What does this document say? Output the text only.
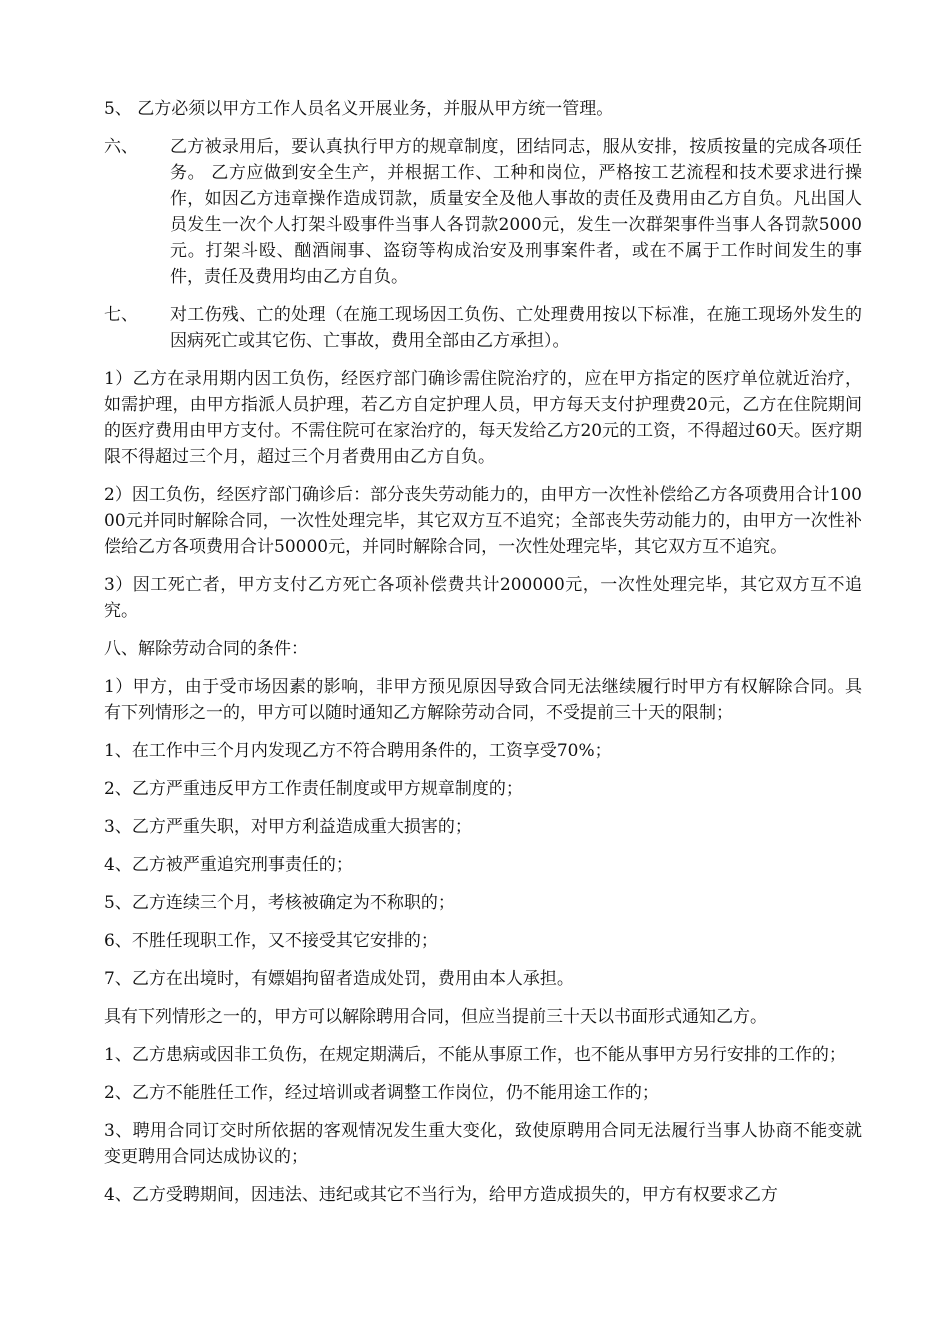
5、 乙方必须以甲方工作人员名义开展业务，并服从甲方统一管理。

六、	乙方被录用后，要认真执行甲方的规章制度，团结同志，服从安排，按质按量的完成各项任务。 乙方应做到安全生产，并根据工作、工种和岗位，严格按工艺流程和技术要求进行操作，如因乙方违章操作造成罚款，质量安全及他人事故的责任及费用由乙方自负。凡出国人员发生一次个人打架斗殴事件当事人各罚款2000元，发生一次群架事件当事人各罚款5000元。打架斗殴、酗酒闹事、盗窃等构成治安及刑事案件者，或在不属于工作时间发生的事件，责任及费用均由乙方自负。
七、	对工伤残、亡的处理（在施工现场因工负伤、亡处理费用按以下标准，在施工现场外发生的因病死亡或其它伤、亡事故，费用全部由乙方承担）。

1）乙方在录用期内因工负伤，经医疗部门确诊需住院治疗的，应在甲方指定的医疗单位就近治疗，如需护理，由甲方指派人员护理，若乙方自定护理人员，甲方每天支付护理费20元，乙方在住院期间的医疗费用由甲方支付。不需住院可在家治疗的，每天发给乙方20元的工资，不得超过60天。医疗期限不得超过三个月，超过三个月者费用由乙方自负。

2）因工负伤，经医疗部门确诊后：部分丧失劳动能力的，由甲方一次性补偿给乙方各项费用合计10000元并同时解除合同，一次性处理完毕，其它双方互不追究；全部丧失劳动能力的，由甲方一次性补偿给乙方各项费用合计50000元，并同时解除合同，一次性处理完毕，其它双方互不追究。

3）因工死亡者，甲方支付乙方死亡各项补偿费共计200000元，一次性处理完毕，其它双方互不追究。

八、解除劳动合同的条件：

1）甲方，由于受市场因素的影响，非甲方预见原因导致合同无法继续履行时甲方有权解除合同。具有下列情形之一的，甲方可以随时通知乙方解除劳动合同，不受提前三十天的限制；

1、在工作中三个月内发现乙方不符合聘用条件的，工资享受70%；

2、乙方严重违反甲方工作责任制度或甲方规章制度的；

3、乙方严重失职，对甲方利益造成重大损害的；

4、乙方被严重追究刑事责任的；

5、乙方连续三个月，考核被确定为不称职的；

6、不胜任现职工作，又不接受其它安排的；

7、乙方在出境时，有嫖娼拘留者造成处罚，费用由本人承担。

具有下列情形之一的，甲方可以解除聘用合同，但应当提前三十天以书面形式通知乙方。

1、乙方患病或因非工负伤，在规定期满后，不能从事原工作，也不能从事甲方另行安排的工作的；

2、乙方不能胜任工作，经过培训或者调整工作岗位，仍不能用途工作的；

3、聘用合同订交时所依据的客观情况发生重大变化，致使原聘用合同无法履行当事人协商不能变就变更聘用合同达成协议的；

4、乙方受聘期间，因违法、违纪或其它不当行为，给甲方造成损失的，甲方有权要求乙方
